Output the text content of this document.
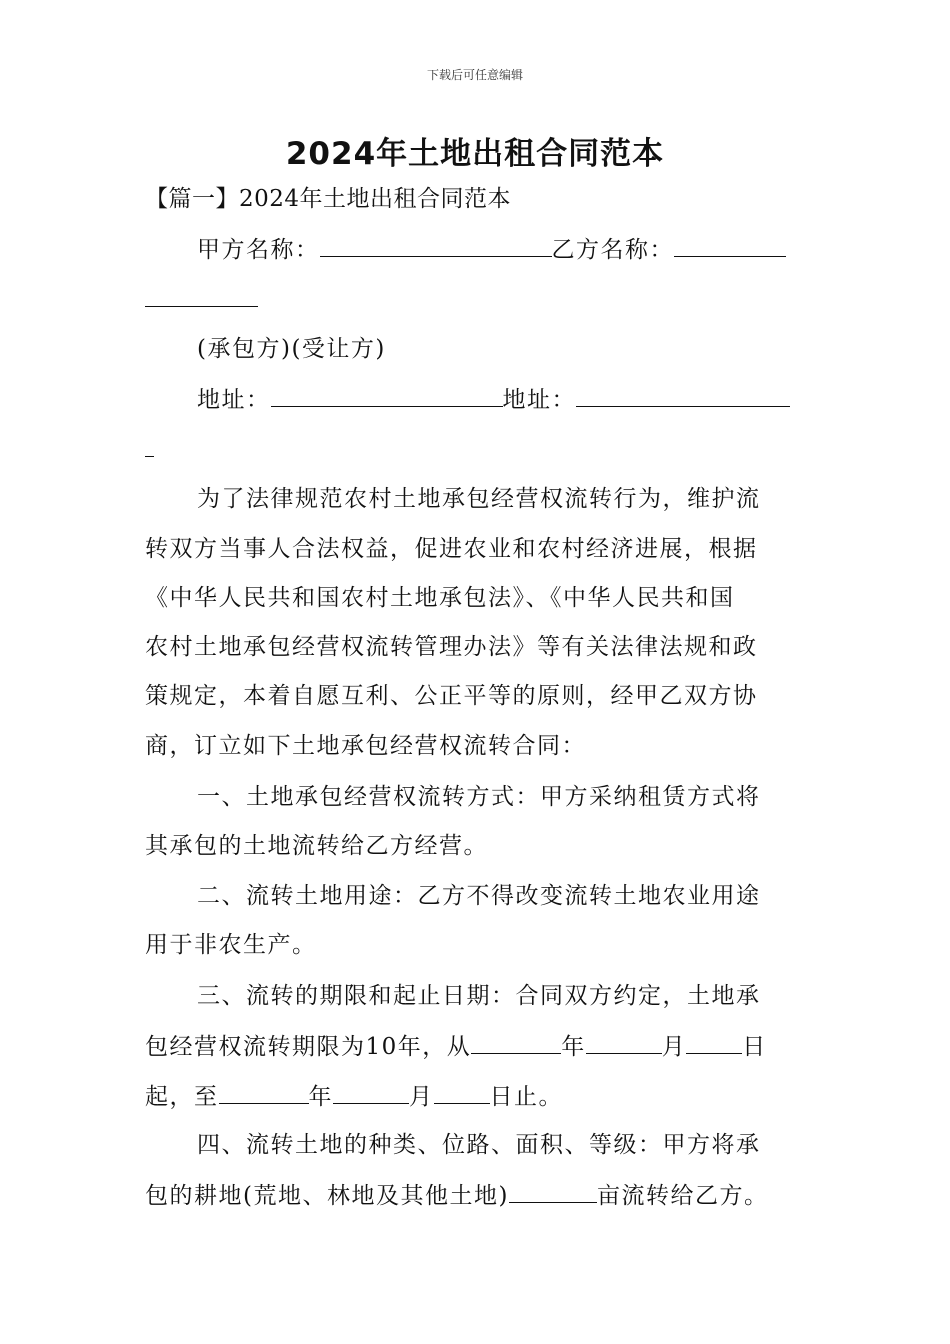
下载后可任意编辑
2024年土地出租合同范本
【篇一】2024年土地出租合同范本
甲方名称：	乙方名称：
(承包方)(受让方)
地址：	地址：
为了法律规范农村土地承包经营权流转行为，维护流
转双方当事人合法权益，促进农业和农村经济进展，根据
《中华人民共和国农村土地承包法》、《中华人民共和国
农村土地承包经营权流转管理办法》等有关法律法规和政
策规定，本着自愿互利、公正平等的原则，经甲乙双方协
商，订立如下土地承包经营权流转合同：
一、土地承包经营权流转方式：甲方采纳租赁方式将
其承包的土地流转给乙方经营。
二、流转土地用途：乙方不得改变流转土地农业用途
用于非农生产。
三、流转的期限和起止日期：合同双方约定，土地承
包经营权流转期限为10年，从	年	月 日
起，至	年	月 日止。
四、流转土地的种类、位路、面积、等级：甲方将承
包的耕地(荒地、林地及其他土地)	亩流转给乙方。
